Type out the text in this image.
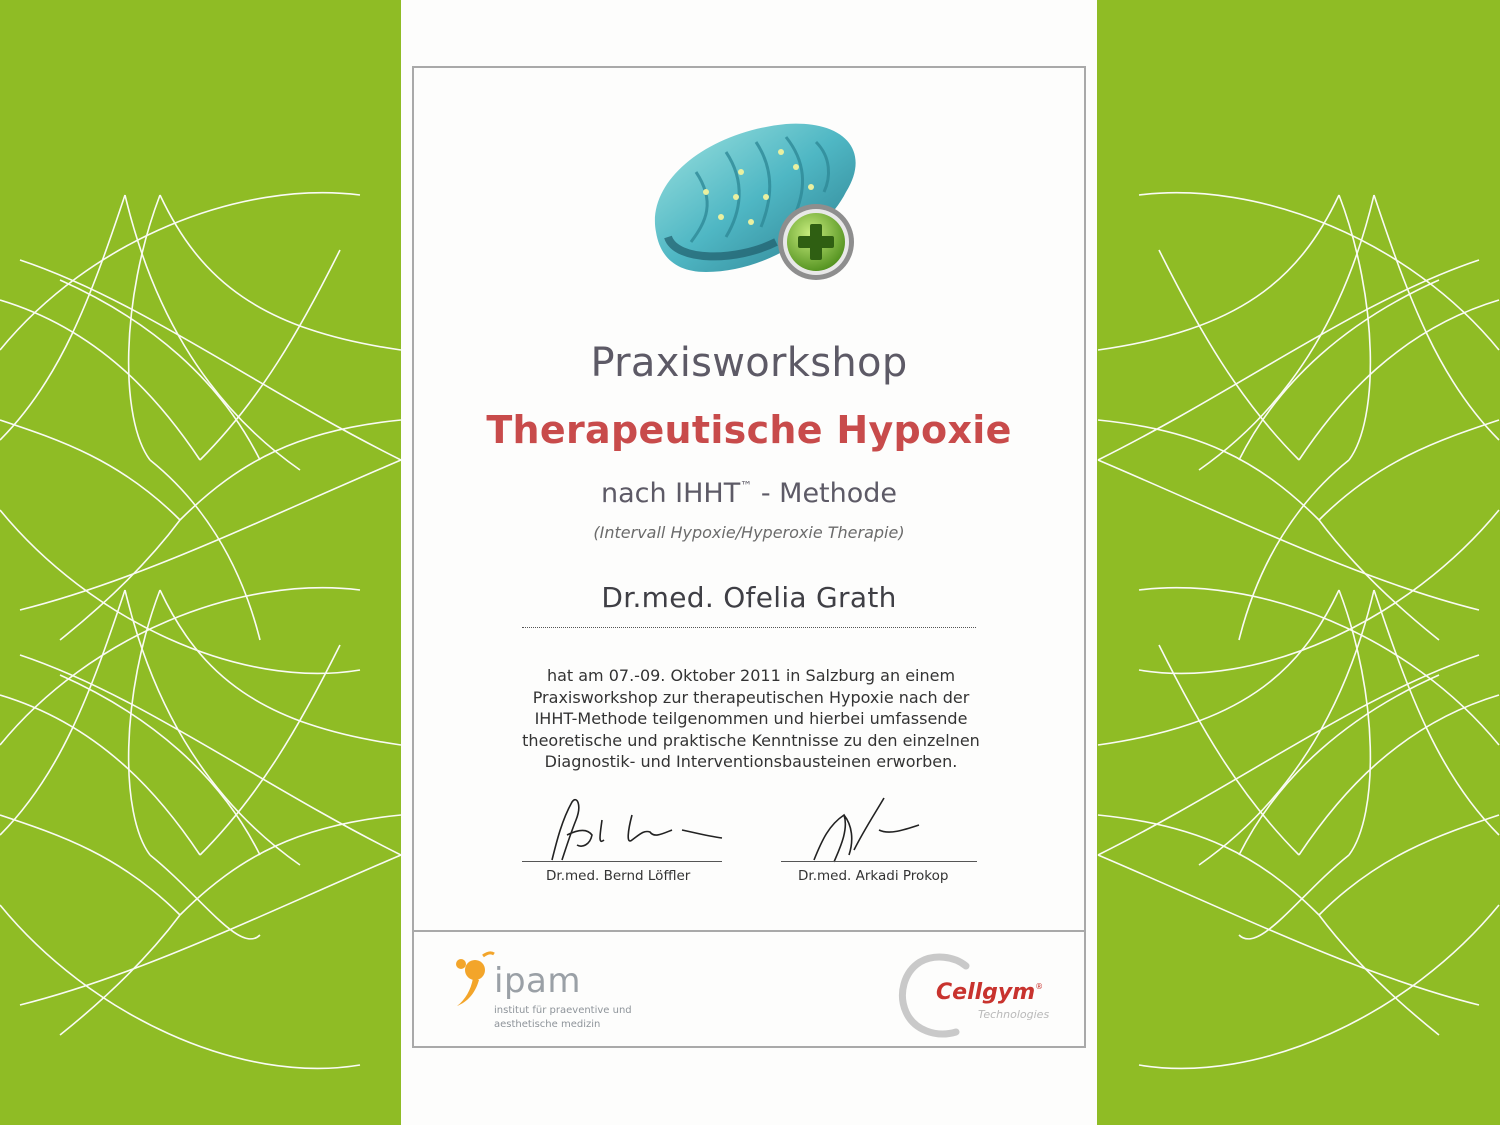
Praxisworkshop
Therapeutische Hypoxie
nach IHHT™ - Methode
(Intervall Hypoxie/Hyperoxie Therapie)
Dr.med. Ofelia Grath
hat am 07.-09. Oktober 2011 in Salzburg an einem
Praxisworkshop zur therapeutischen Hypoxie nach der
IHHT-Methode teilgenommen und hierbei umfassende
theoretische und praktische Kenntnisse zu den einzelnen
Diagnostik- und Interventionsbausteinen erworben.
Dr.med. Bernd Löffler	Dr.med. Arkadi Prokop
ipam
institut für praeventive und
aesthetische medizin
Cellgym®
Technologies
